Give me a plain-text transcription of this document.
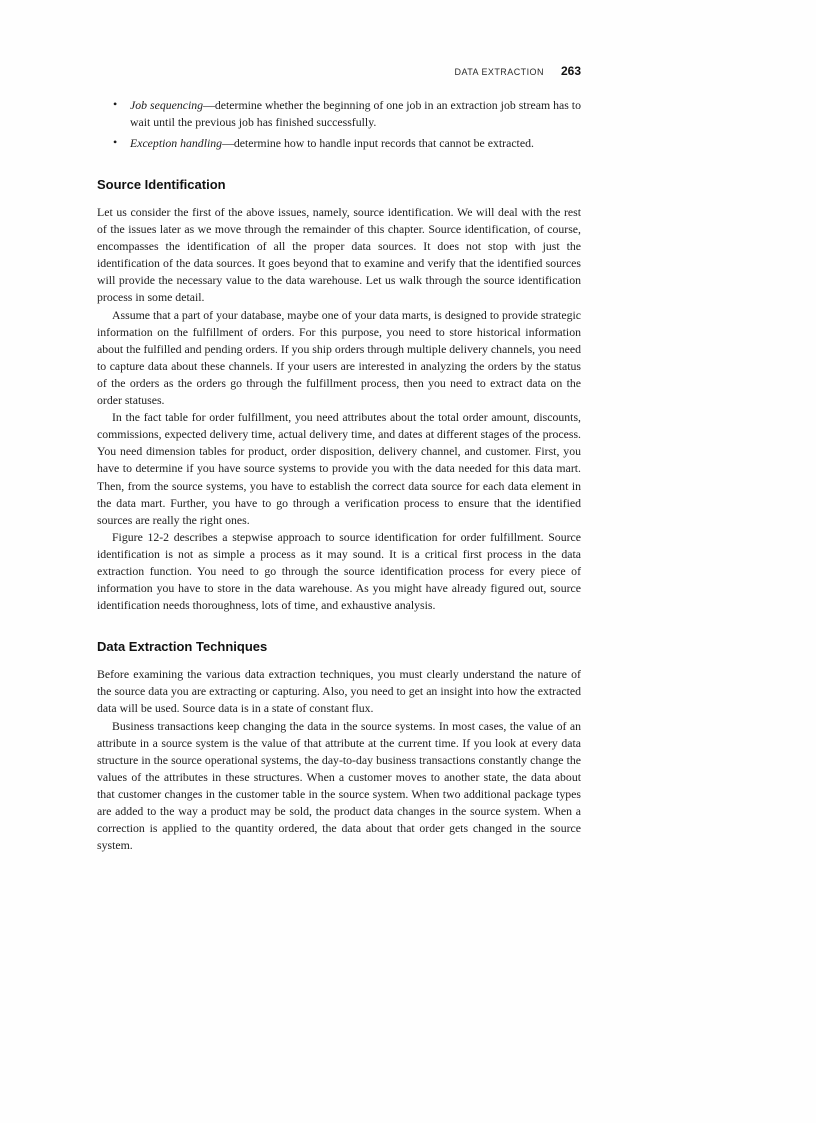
DATA EXTRACTION 263
• Job sequencing—determine whether the beginning of one job in an extraction job stream has to wait until the previous job has finished successfully.
• Exception handling—determine how to handle input records that cannot be extracted.
Source Identification

Let us consider the first of the above issues, namely, source identification. We will deal with the rest of the issues later as we move through the remainder of this chapter. Source identification, of course, encompasses the identification of all the proper data sources. It does not stop with just the identification of the data sources. It goes beyond that to examine and verify that the identified sources will provide the necessary value to the data warehouse. Let us walk through the source identification process in some detail.

Assume that a part of your database, maybe one of your data marts, is designed to provide strategic information on the fulfillment of orders. For this purpose, you need to store historical information about the fulfilled and pending orders. If you ship orders through multiple delivery channels, you need to capture data about these channels. If your users are interested in analyzing the orders by the status of the orders as the orders go through the fulfillment process, then you need to extract data on the order statuses.

In the fact table for order fulfillment, you need attributes about the total order amount, discounts, commissions, expected delivery time, actual delivery time, and dates at different stages of the process. You need dimension tables for product, order disposition, delivery channel, and customer. First, you have to determine if you have source systems to provide you with the data needed for this data mart. Then, from the source systems, you have to establish the correct data source for each data element in the data mart. Further, you have to go through a verification process to ensure that the identified sources are really the right ones.

Figure 12-2 describes a stepwise approach to source identification for order fulfillment. Source identification is not as simple a process as it may sound. It is a critical first process in the data extraction function. You need to go through the source identification process for every piece of information you have to store in the data warehouse. As you might have already figured out, source identification needs thoroughness, lots of time, and exhaustive analysis.

Data Extraction Techniques

Before examining the various data extraction techniques, you must clearly understand the nature of the source data you are extracting or capturing. Also, you need to get an insight into how the extracted data will be used. Source data is in a state of constant flux.

Business transactions keep changing the data in the source systems. In most cases, the value of an attribute in a source system is the value of that attribute at the current time. If you look at every data structure in the source operational systems, the day-to-day business transactions constantly change the values of the attributes in these structures. When a customer moves to another state, the data about that customer changes in the customer table in the source system. When two additional package types are added to the way a product may be sold, the product data changes in the source system. When a correction is applied to the quantity ordered, the data about that order gets changed in the source system.
